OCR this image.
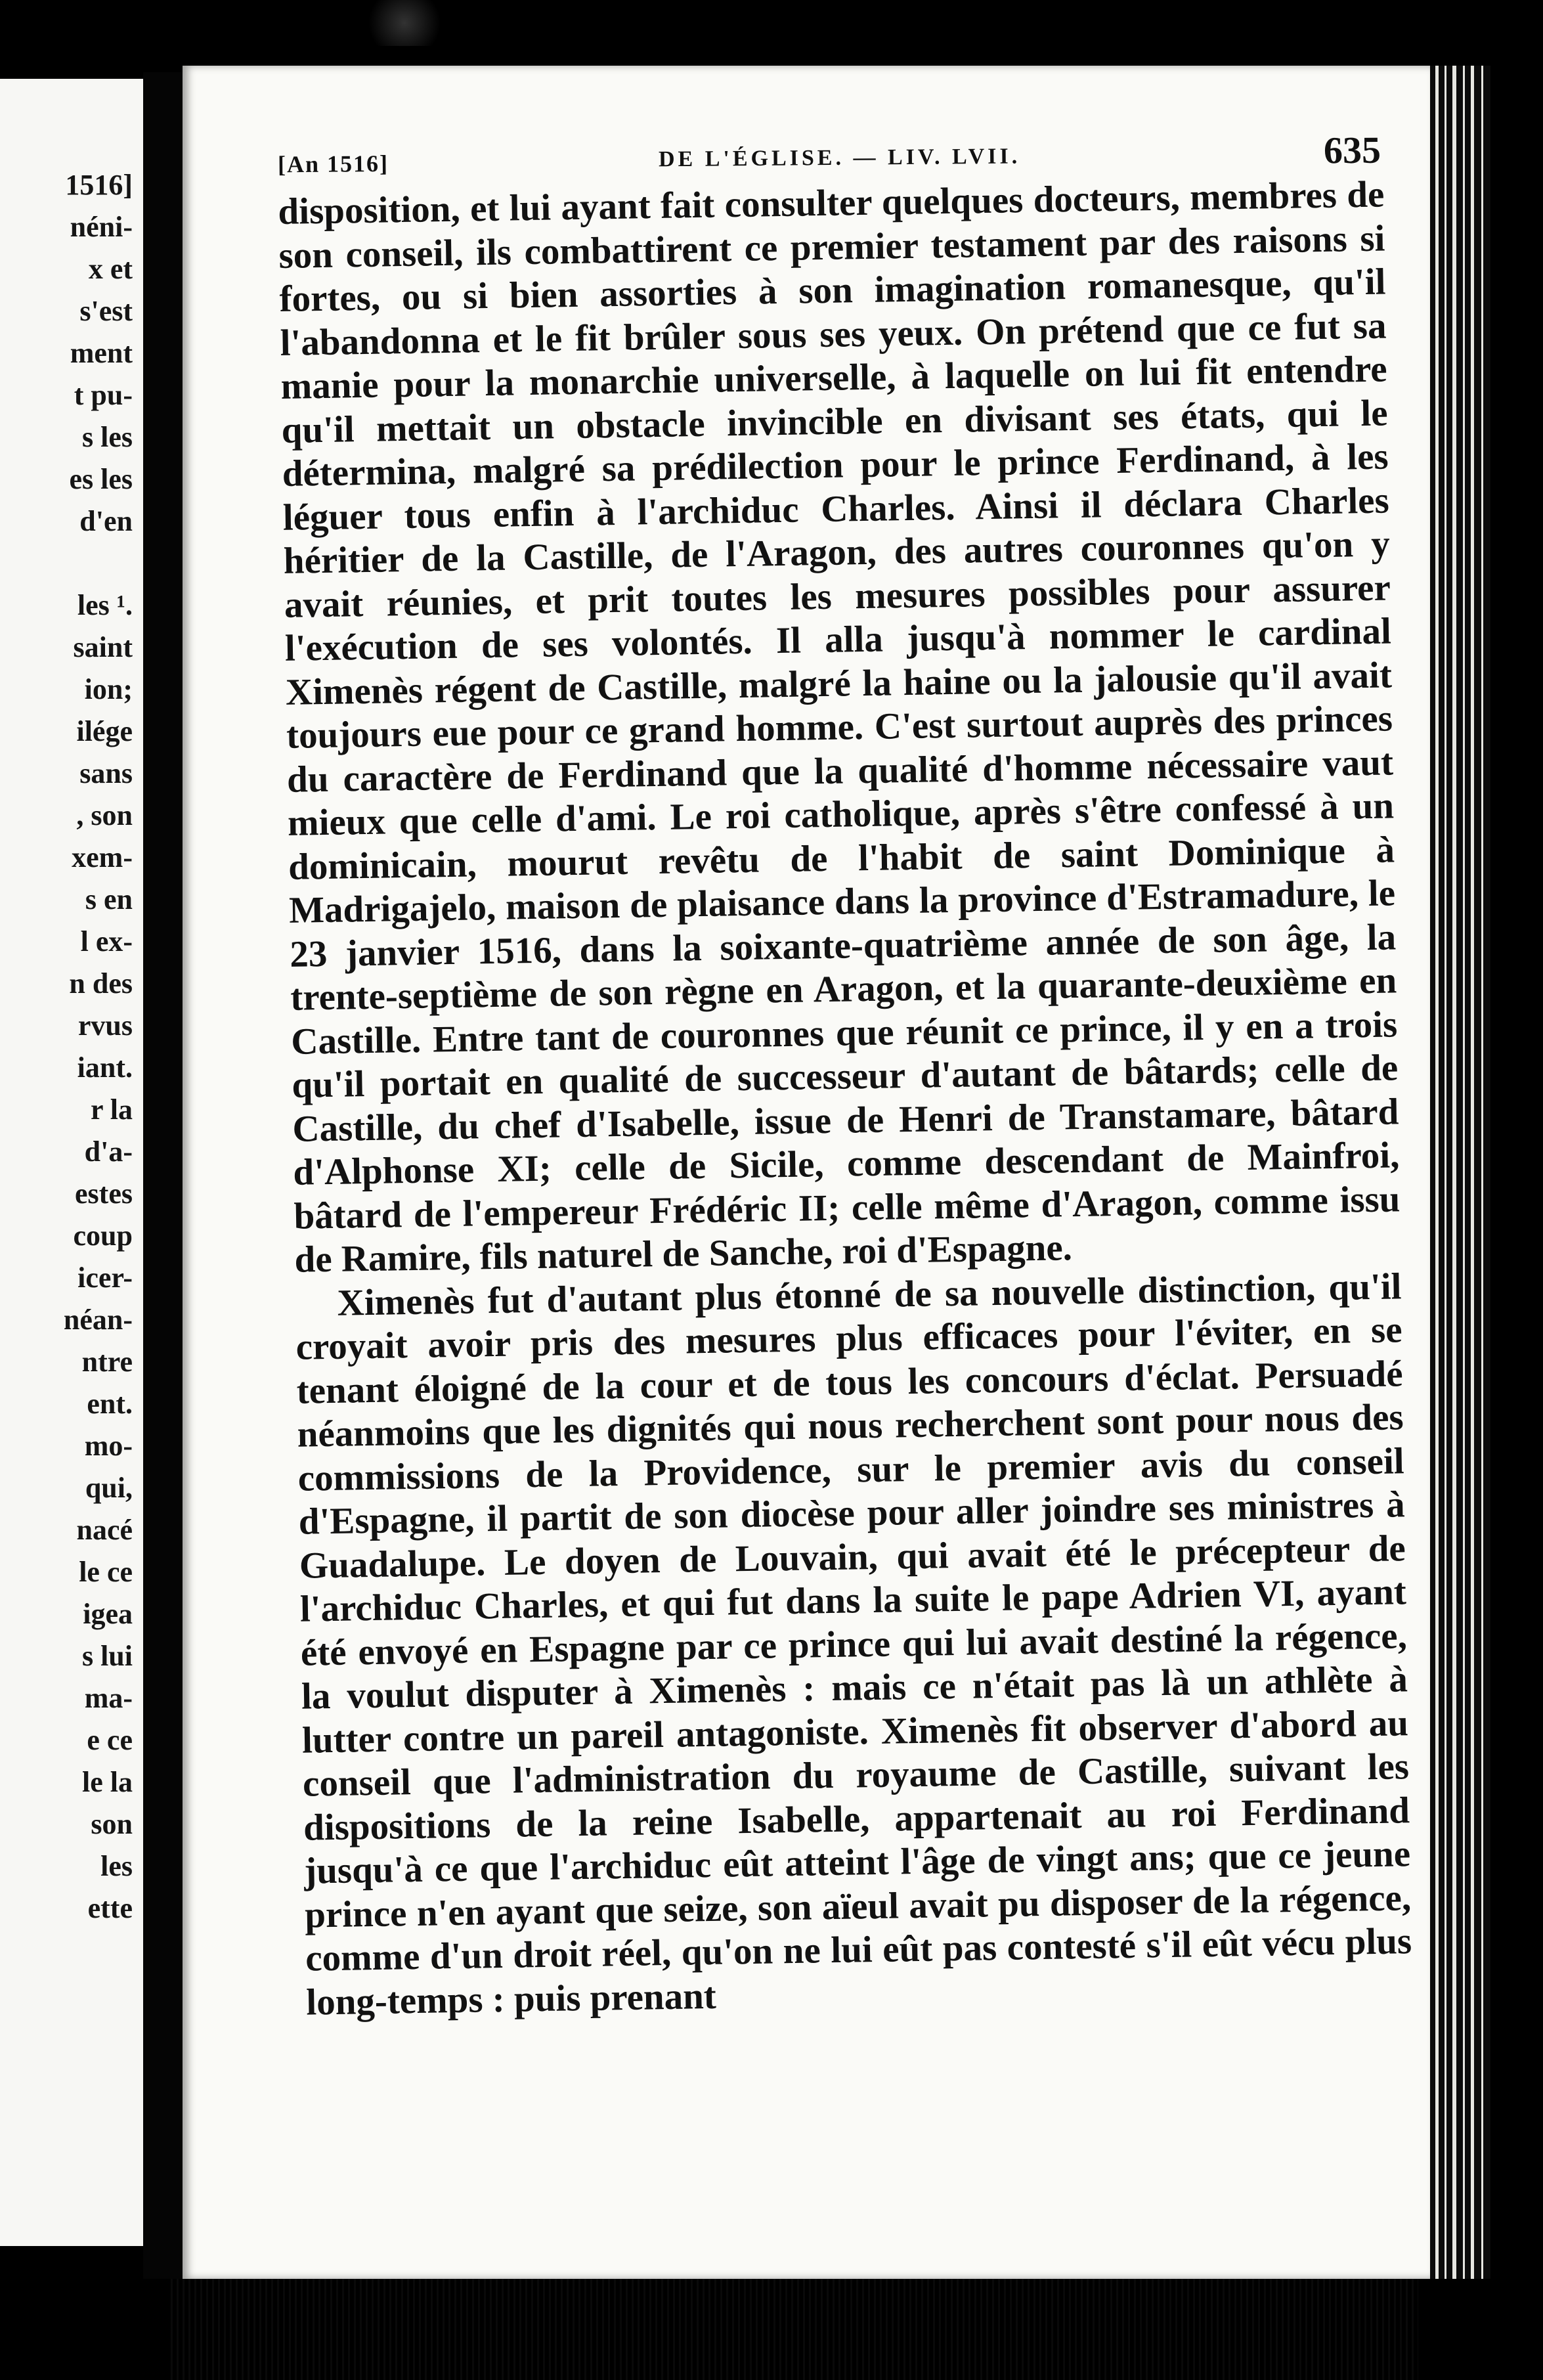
1516]
néni-
x et
s'est
ment
t pu-
s les
es les
d'en

les ¹.
saint
ion;
ilége
sans
, son
xem-
s en
l ex-
n des
rvus
iant.
r la
d'a-
estes
coup
icer-
néan-
ntre
ent.
mo-
qui,
nacé
le ce
igea
s lui
ma-
e ce
le la
son
les
ette
[An 1516]	DE L'ÉGLISE. — LIV. LVII.	635

disposition, et lui ayant fait consulter quelques docteurs, membres de son conseil, ils combattirent ce premier testament par des raisons si fortes, ou si bien assorties à son imagination romanesque, qu'il l'abandonna et le fit brûler sous ses yeux. On prétend que ce fut sa manie pour la monarchie universelle, à laquelle on lui fit entendre qu'il mettait un obstacle invincible en divisant ses états, qui le détermina, malgré sa prédilection pour le prince Ferdinand, à les léguer tous enfin à l'archiduc Charles. Ainsi il déclara Charles héritier de la Castille, de l'Aragon, des autres couronnes qu'on y avait réunies, et prit toutes les mesures possibles pour assurer l'exécution de ses volontés. Il alla jusqu'à nommer le cardinal Ximenès régent de Castille, malgré la haine ou la jalousie qu'il avait toujours eue pour ce grand homme. C'est surtout auprès des princes du caractère de Ferdinand que la qualité d'homme nécessaire vaut mieux que celle d'ami. Le roi catholique, après s'être confessé à un dominicain, mourut revêtu de l'habit de saint Dominique à Madrigajelo, maison de plaisance dans la province d'Estramadure, le 23 janvier 1516, dans la soixante-quatrième année de son âge, la trente-septième de son règne en Aragon, et la quarante-deuxième en Castille. Entre tant de couronnes que réunit ce prince, il y en a trois qu'il portait en qualité de successeur d'autant de bâtards; celle de Castille, du chef d'Isabelle, issue de Henri de Transtamare, bâtard d'Alphonse XI; celle de Sicile, comme descendant de Mainfroi, bâtard de l'empereur Frédéric II; celle même d'Aragon, comme issu de Ramire, fils naturel de Sanche, roi d'Espagne.

Ximenès fut d'autant plus étonné de sa nouvelle distinction, qu'il croyait avoir pris des mesures plus efficaces pour l'éviter, en se tenant éloigné de la cour et de tous les concours d'éclat. Persuadé néanmoins que les dignités qui nous recherchent sont pour nous des commissions de la Providence, sur le premier avis du conseil d'Espagne, il partit de son diocèse pour aller joindre ses ministres à Guadalupe. Le doyen de Louvain, qui avait été le précepteur de l'archiduc Charles, et qui fut dans la suite le pape Adrien VI, ayant été envoyé en Espagne par ce prince qui lui avait destiné la régence, la voulut disputer à Ximenès : mais ce n'était pas là un athlète à lutter contre un pareil antagoniste. Ximenès fit observer d'abord au conseil que l'administration du royaume de Castille, suivant les dispositions de la reine Isabelle, appartenait au roi Ferdinand jusqu'à ce que l'archiduc eût atteint l'âge de vingt ans; que ce jeune prince n'en ayant que seize, son aïeul avait pu disposer de la régence, comme d'un droit réel, qu'on ne lui eût pas contesté s'il eût vécu plus long-temps : puis prenant
